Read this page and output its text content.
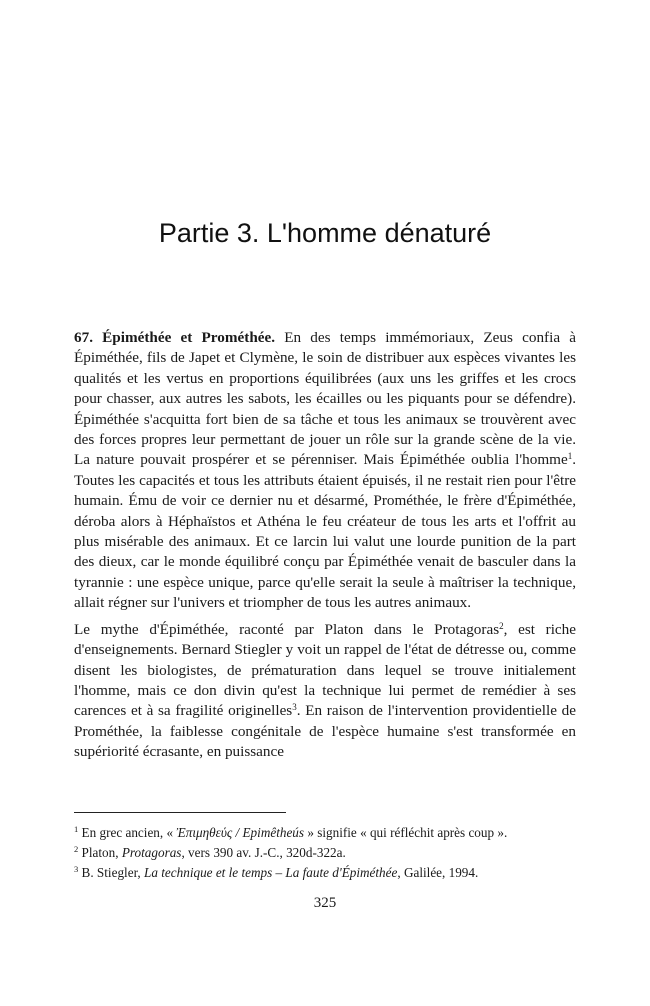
Partie 3. L'homme dénaturé

67. Épiméthée et Prométhée. En des temps immémoriaux, Zeus confia à Épiméthée, fils de Japet et Clymène, le soin de distribuer aux espèces vivantes les qualités et les vertus en proportions équilibrées (aux uns les griffes et les crocs pour chasser, aux autres les sabots, les écailles ou les piquants pour se défendre). Épiméthée s'acquitta fort bien de sa tâche et tous les animaux se trouvèrent avec des forces propres leur permettant de jouer un rôle sur la grande scène de la vie. La nature pouvait prospérer et se pérenniser. Mais Épiméthée oublia l'homme$^1$. Toutes les capacités et tous les attributs étaient épuisés, il ne restait rien pour l'être humain. Ému de voir ce dernier nu et désarmé, Prométhée, le frère d'Épiméthée, déroba alors à Héphaïstos et Athéna le feu créateur de tous les arts et l'offrit au plus misérable des animaux. Et ce larcin lui valut une lourde punition de la part des dieux, car le monde équilibré conçu par Épiméthée venait de basculer dans la tyrannie : une espèce unique, parce qu'elle serait la seule à maîtriser la technique, allait régner sur l'univers et triompher de tous les autres animaux.

Le mythe d'Épiméthée, raconté par Platon dans le Protagoras$^2$, est riche d'enseignements. Bernard Stiegler y voit un rappel de l'état de détresse ou, comme disent les biologistes, de prématuration dans lequel se trouve initialement l'homme, mais ce don divin qu'est la technique lui permet de remédier à ses carences et à sa fragilité originelles$^3$. En raison de l'intervention providentielle de Prométhée, la faiblesse congénitale de l'espèce humaine s'est transformée en supériorité écrasante, en puissance

$^1$ En grec ancien, « Ἐπιμηθεύς / Epimêtheús » signifie « qui réfléchit après coup ».
$^2$ Platon, Protagoras, vers 390 av. J.-C., 320d-322a.
$^3$ B. Stiegler, La technique et le temps – La faute d'Épiméthée, Galilée, 1994.
325
